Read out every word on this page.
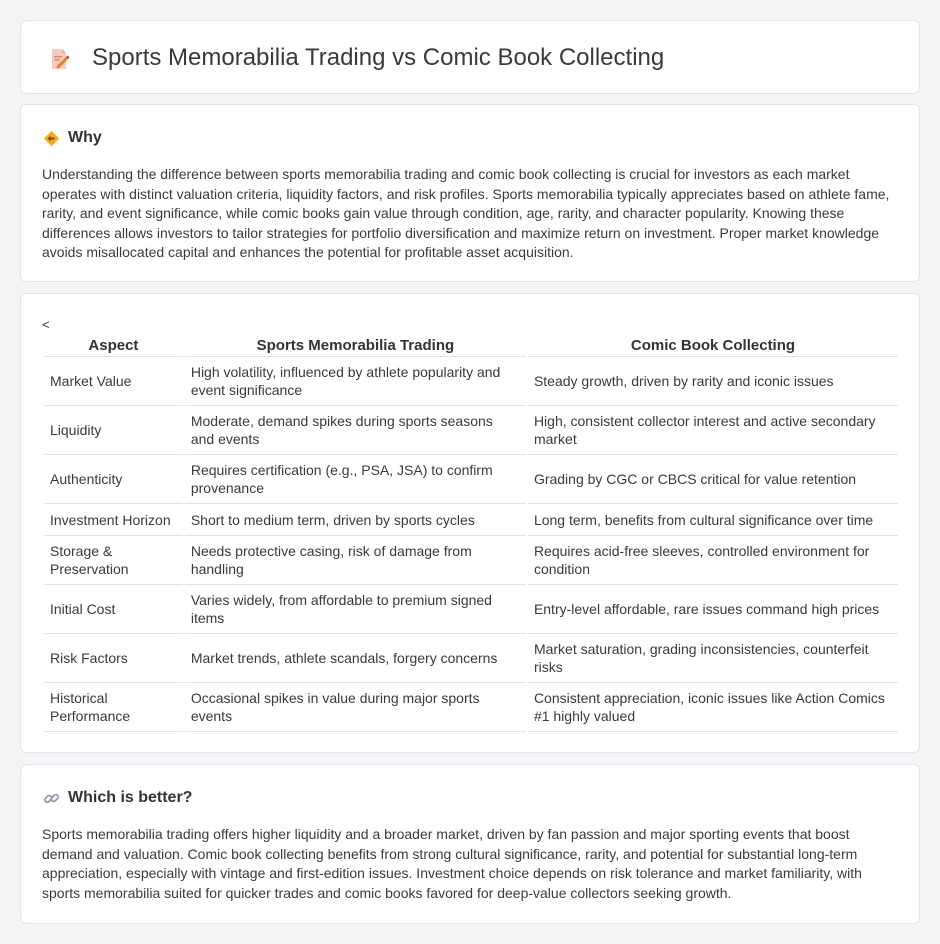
Sports Memorabilia Trading vs Comic Book Collecting
Why

Understanding the difference between sports memorabilia trading and comic book collecting is crucial for investors as each market operates with distinct valuation criteria, liquidity factors, and risk profiles. Sports memorabilia typically appreciates based on athlete fame, rarity, and event significance, while comic books gain value through condition, age, rarity, and character popularity. Knowing these differences allows investors to tailor strategies for portfolio diversification and maximize return on investment. Proper market knowledge avoids misallocated capital and enhances the potential for profitable asset acquisition.

<
Aspect	Sports Memorabilia Trading	Comic Book Collecting
Market Value	High volatility, influenced by athlete popularity and event significance	Steady growth, driven by rarity and iconic issues
Liquidity	Moderate, demand spikes during sports seasons and events	High, consistent collector interest and active secondary market
Authenticity	Requires certification (e.g., PSA, JSA) to confirm provenance	Grading by CGC or CBCS critical for value retention
Investment Horizon	Short to medium term, driven by sports cycles	Long term, benefits from cultural significance over time
Storage & Preservation	Needs protective casing, risk of damage from handling	Requires acid-free sleeves, controlled environment for condition
Initial Cost	Varies widely, from affordable to premium signed items	Entry-level affordable, rare issues command high prices
Risk Factors	Market trends, athlete scandals, forgery concerns	Market saturation, grading inconsistencies, counterfeit risks
Historical Performance	Occasional spikes in value during major sports events	Consistent appreciation, iconic issues like Action Comics #1 highly valued
Which is better?

Sports memorabilia trading offers higher liquidity and a broader market, driven by fan passion and major sporting events that boost demand and valuation. Comic book collecting benefits from strong cultural significance, rarity, and potential for substantial long-term appreciation, especially with vintage and first-edition issues. Investment choice depends on risk tolerance and market familiarity, with sports memorabilia suited for quicker trades and comic books favored for deep-value collectors seeking growth.
